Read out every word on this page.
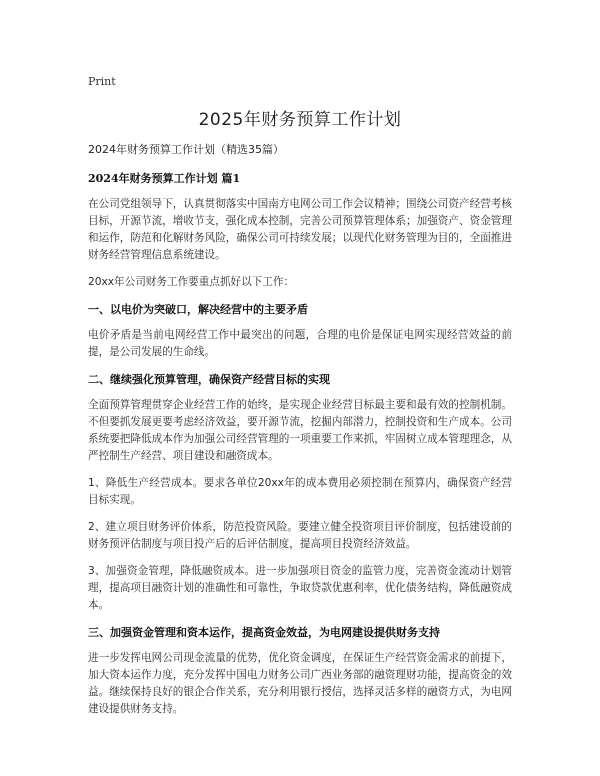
Print
2025年财务预算工作计划

2024年财务预算工作计划（精选35篇）

2024年财务预算工作计划 篇1

在公司党组领导下，认真贯彻落实中国南方电网公司工作会议精神；围绕公司资产经营考核目标，开源节流，增收节支，强化成本控制，完善公司预算管理体系；加强资产、资金管理和运作，防范和化解财务风险，确保公司可持续发展；以现代化财务管理为目的，全面推进财务经营管理信息系统建设。

20xx年公司财务工作要重点抓好以下工作：

一、以电价为突破口，解决经营中的主要矛盾

电价矛盾是当前电网经营工作中最突出的问题，合理的电价是保证电网实现经营效益的前提，是公司发展的生命线。

二、继续强化预算管理，确保资产经营目标的实现

全面预算管理贯穿企业经营工作的始终，是实现企业经营目标最主要和最有效的控制机制。不但要抓发展更要考虑经济效益，要开源节流，挖掘内部潜力，控制投资和生产成本。公司系统要把降低成本作为加强公司经营管理的一项重要工作来抓，牢固树立成本管理理念，从严控制生产经营、项目建设和融资成本。

1、降低生产经营成本。要求各单位20xx年的成本费用必须控制在预算内，确保资产经营目标实现。

2、建立项目财务评价体系，防范投资风险。要建立健全投资项目评价制度，包括建设前的财务预评估制度与项目投产后的后评估制度，提高项目投资经济效益。

3、加强资金管理，降低融资成本。进一步加强项目资金的监管力度，完善资金流动计划管理，提高项目融资计划的准确性和可靠性，争取贷款优惠利率，优化债务结构，降低融资成本。

三、加强资金管理和资本运作，提高资金效益，为电网建设提供财务支持

进一步发挥电网公司现金流量的优势，优化资金调度，在保证生产经营资金需求的前提下，加大资本运作力度，充分发挥中国电力财务公司广西业务部的融资理财功能，提高资金的效益。继续保持良好的银企合作关系，充分利用银行授信，选择灵活多样的融资方式，为电网建设提供财务支持。
